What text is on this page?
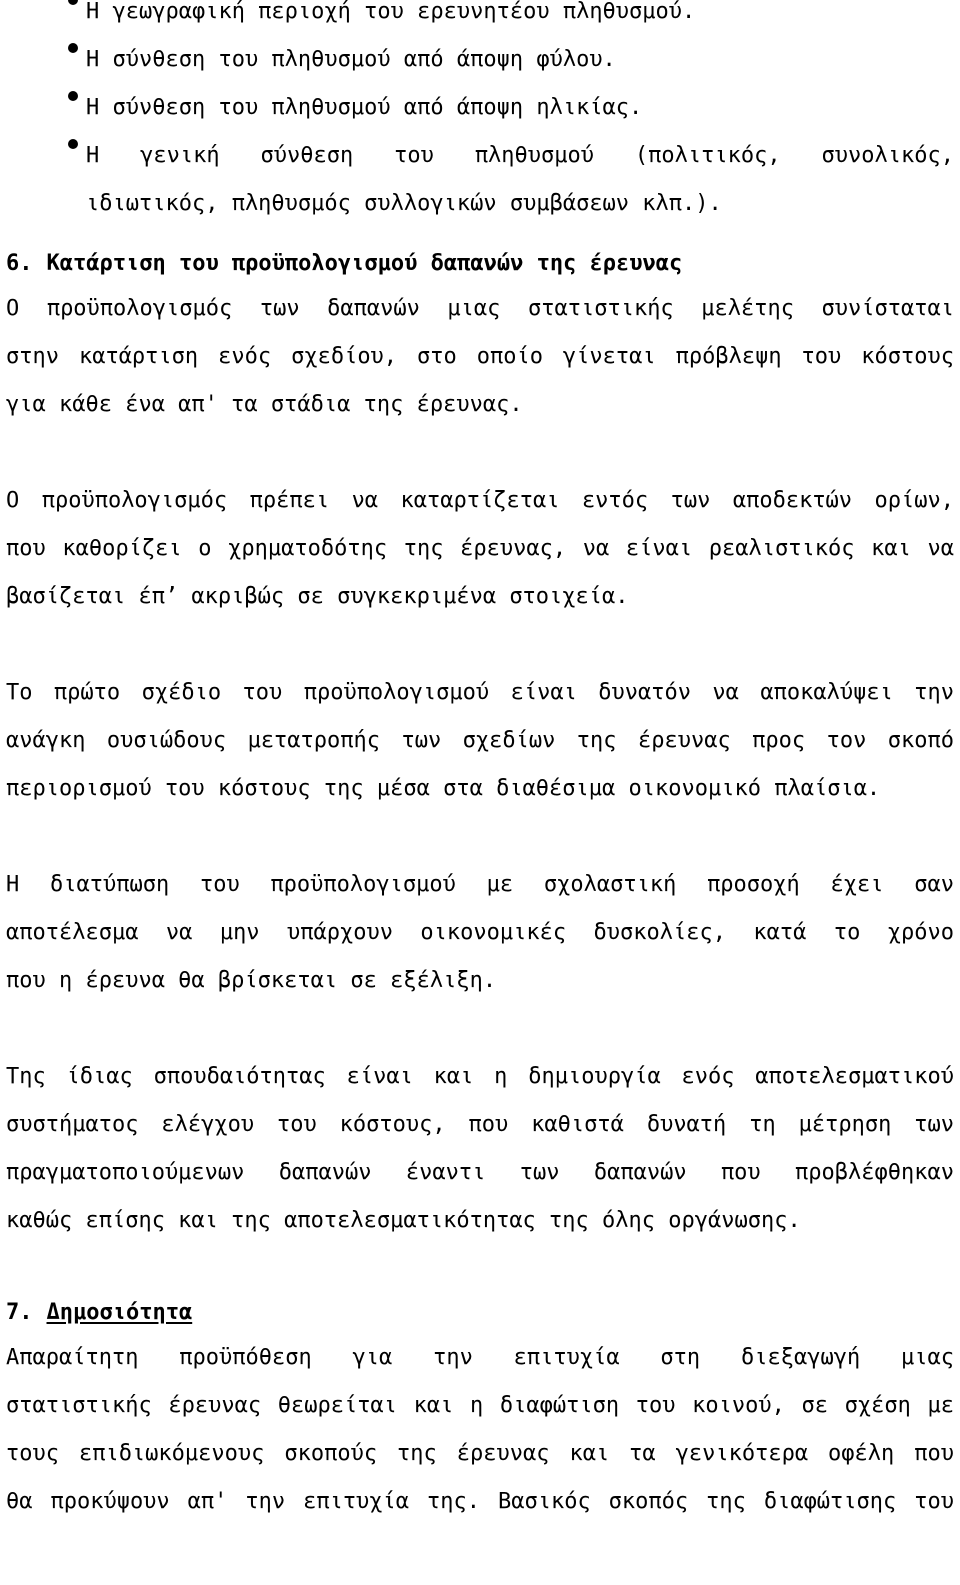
Η γεωγραφική περιοχή του ερευνητέου πληθυσμού.
Η σύνθεση του πληθυσμού από άποψη φύλου.
Η σύνθεση του πληθυσμού από άποψη ηλικίας.
Η γενική σύνθεση του πληθυσμού (πολιτικός, συνολικός,
ιδιωτικός, πληθυσμός συλλογικών συμβάσεων κλπ.).
6. Κατάρτιση του προϋπολογισμού δαπανών της έρευνας
Ο προϋπολογισμός των δαπανών μιας στατιστικής μελέτης συνίσταται
στην κατάρτιση ενός σχεδίου, στο οποίο γίνεται πρόβλεψη του κόστους
για κάθε ένα απ' τα στάδια της έρευνας.
Ο προϋπολογισμός πρέπει να καταρτίζεται εντός των αποδεκτών ορίων,
που καθορίζει ο χρηματοδότης της έρευνας, να είναι ρεαλιστικός και να
βασίζεται έπ’ ακριβώς σε συγκεκριμένα στοιχεία.
Το πρώτο σχέδιο του προϋπολογισμού είναι δυνατόν να αποκαλύψει την
ανάγκη ουσιώδους μετατροπής των σχεδίων της έρευνας προς τον σκοπό
περιορισμού του κόστους της μέσα στα διαθέσιμα οικονομικό πλαίσια.
Η διατύπωση του προϋπολογισμού με σχολαστική προσοχή έχει σαν
αποτέλεσμα να μην υπάρχουν οικονομικές δυσκολίες, κατά το χρόνο
που η έρευνα θα βρίσκεται σε εξέλιξη.
Της ίδιας σπουδαιότητας είναι και η δημιουργία ενός αποτελεσματικού
συστήματος ελέγχου του κόστους, που καθιστά δυνατή τη μέτρηση των
πραγματοποιούμενων δαπανών έναντι των δαπανών που προβλέφθηκαν
καθώς επίσης και της αποτελεσματικότητας της όλης οργάνωσης.
7. Δημοσιότητα
Απαραίτητη προϋπόθεση για την επιτυχία στη διεξαγωγή μιας
στατιστικής έρευνας θεωρείται και η διαφώτιση του κοινού, σε σχέση με
τους επιδιωκόμενους σκοπούς της έρευνας και τα γενικότερα οφέλη που
θα προκύψουν απ' την επιτυχία της. Βασικός σκοπός της διαφώτισης του
